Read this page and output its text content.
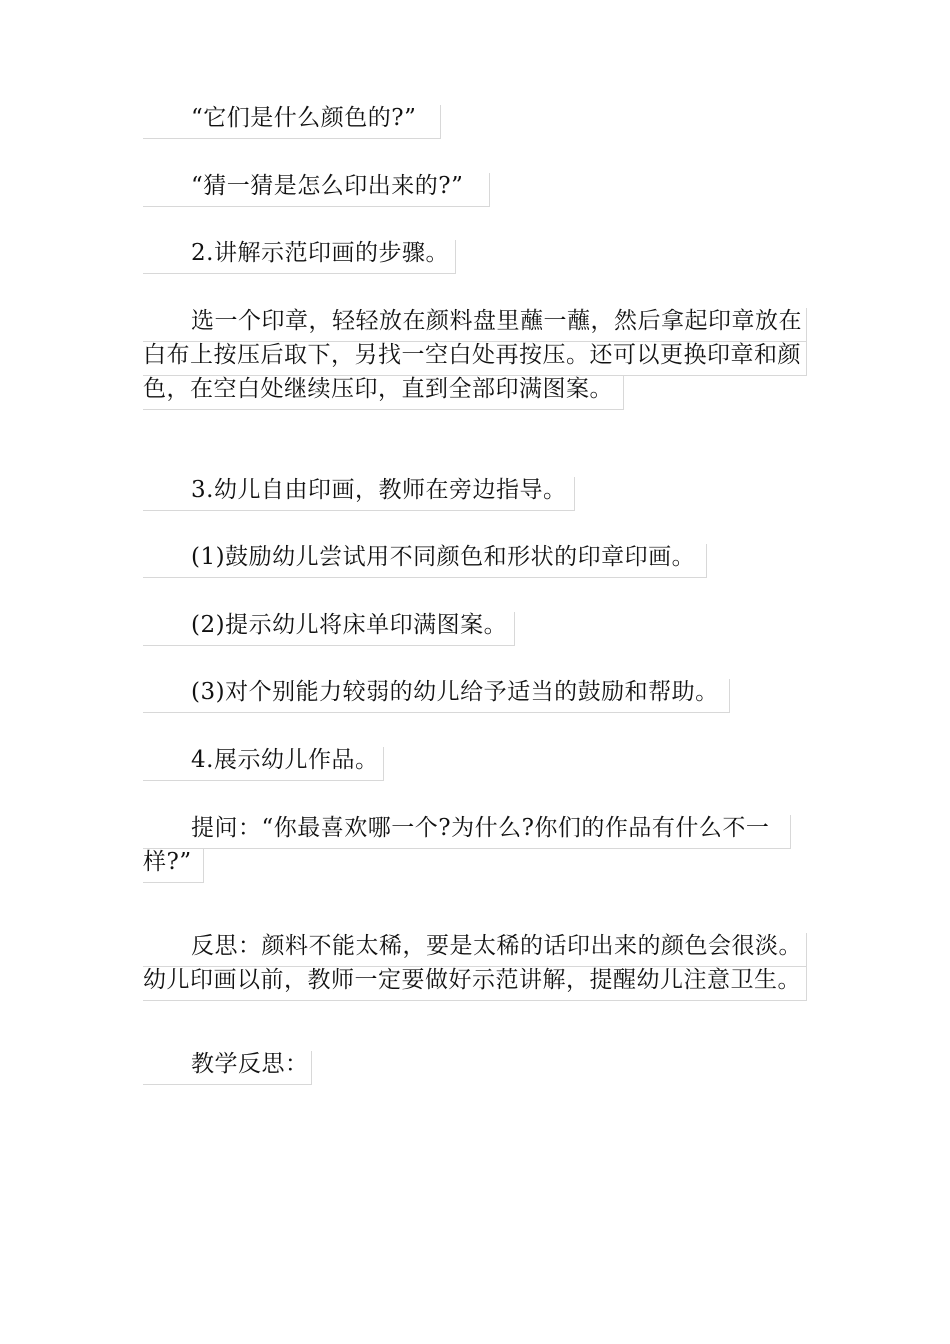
“它们是什么颜色的?”
“猜一猜是怎么印出来的?”
2.讲解示范印画的步骤。
选一个印章，轻轻放在颜料盘里蘸一蘸，然后拿起印章放在
白布上按压后取下，另找一空白处再按压。还可以更换印章和颜
色，在空白处继续压印，直到全部印满图案。
3.幼儿自由印画，教师在旁边指导。
(1)鼓励幼儿尝试用不同颜色和形状的印章印画。
(2)提示幼儿将床单印满图案。
(3)对个别能力较弱的幼儿给予适当的鼓励和帮助。
4.展示幼儿作品。
提问：“你最喜欢哪一个?为什么?你们的作品有什么不一
样?”
反思：颜料不能太稀，要是太稀的话印出来的颜色会很淡。
幼儿印画以前，教师一定要做好示范讲解，提醒幼儿注意卫生。
教学反思：
